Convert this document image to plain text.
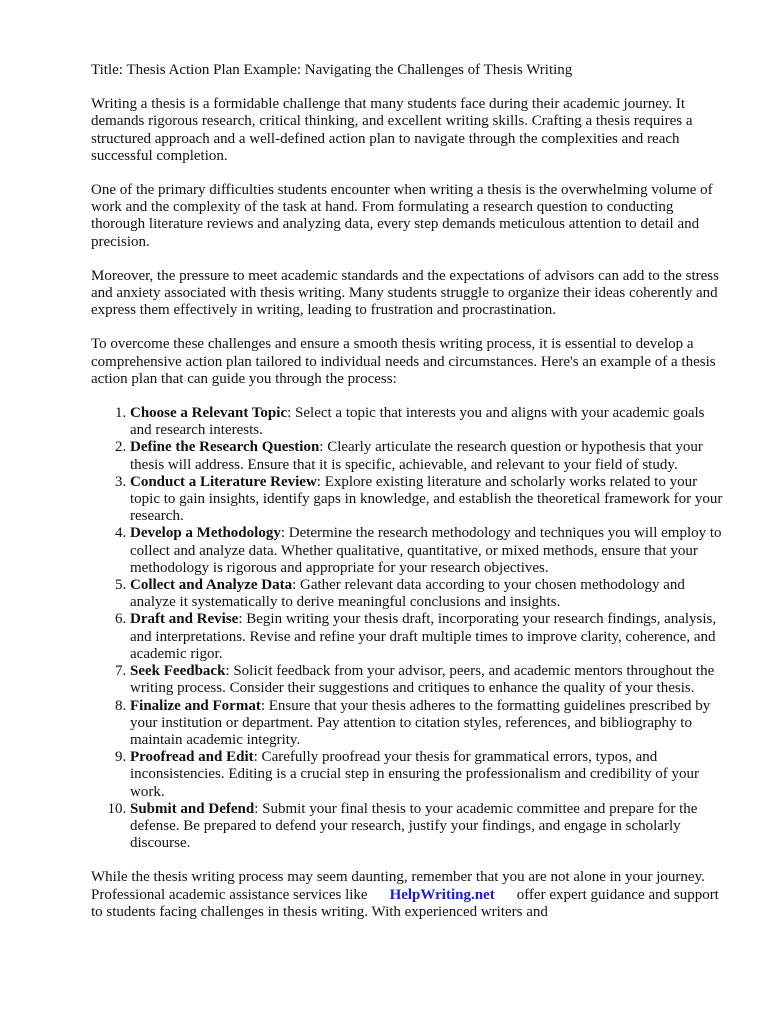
Title: Thesis Action Plan Example: Navigating the Challenges of Thesis Writing

Writing a thesis is a formidable challenge that many students face during their academic journey. It demands rigorous research, critical thinking, and excellent writing skills. Crafting a thesis requires a structured approach and a well-defined action plan to navigate through the complexities and reach successful completion.

One of the primary difficulties students encounter when writing a thesis is the overwhelming volume of work and the complexity of the task at hand. From formulating a research question to conducting thorough literature reviews and analyzing data, every step demands meticulous attention to detail and precision.

Moreover, the pressure to meet academic standards and the expectations of advisors can add to the stress and anxiety associated with thesis writing. Many students struggle to organize their ideas coherently and express them effectively in writing, leading to frustration and procrastination.

To overcome these challenges and ensure a smooth thesis writing process, it is essential to develop a comprehensive action plan tailored to individual needs and circumstances. Here's an example of a thesis action plan that can guide you through the process:

1. Choose a Relevant Topic: Select a topic that interests you and aligns with your academic goals and research interests.
2. Define the Research Question: Clearly articulate the research question or hypothesis that your thesis will address. Ensure that it is specific, achievable, and relevant to your field of study.
3. Conduct a Literature Review: Explore existing literature and scholarly works related to your topic to gain insights, identify gaps in knowledge, and establish the theoretical framework for your research.
4. Develop a Methodology: Determine the research methodology and techniques you will employ to collect and analyze data. Whether qualitative, quantitative, or mixed methods, ensure that your methodology is rigorous and appropriate for your research objectives.
5. Collect and Analyze Data: Gather relevant data according to your chosen methodology and analyze it systematically to derive meaningful conclusions and insights.
6. Draft and Revise: Begin writing your thesis draft, incorporating your research findings, analysis, and interpretations. Revise and refine your draft multiple times to improve clarity, coherence, and academic rigor.
7. Seek Feedback: Solicit feedback from your advisor, peers, and academic mentors throughout the writing process. Consider their suggestions and critiques to enhance the quality of your thesis.
8. Finalize and Format: Ensure that your thesis adheres to the formatting guidelines prescribed by your institution or department. Pay attention to citation styles, references, and bibliography to maintain academic integrity.
9. Proofread and Edit: Carefully proofread your thesis for grammatical errors, typos, and inconsistencies. Editing is a crucial step in ensuring the professionalism and credibility of your work.
10. Submit and Defend: Submit your final thesis to your academic committee and prepare for the defense. Be prepared to defend your research, justify your findings, and engage in scholarly discourse.

While the thesis writing process may seem daunting, remember that you are not alone in your journey. Professional academic assistance services like HelpWriting.net offer expert guidance and support to students facing challenges in thesis writing. With experienced writers and
